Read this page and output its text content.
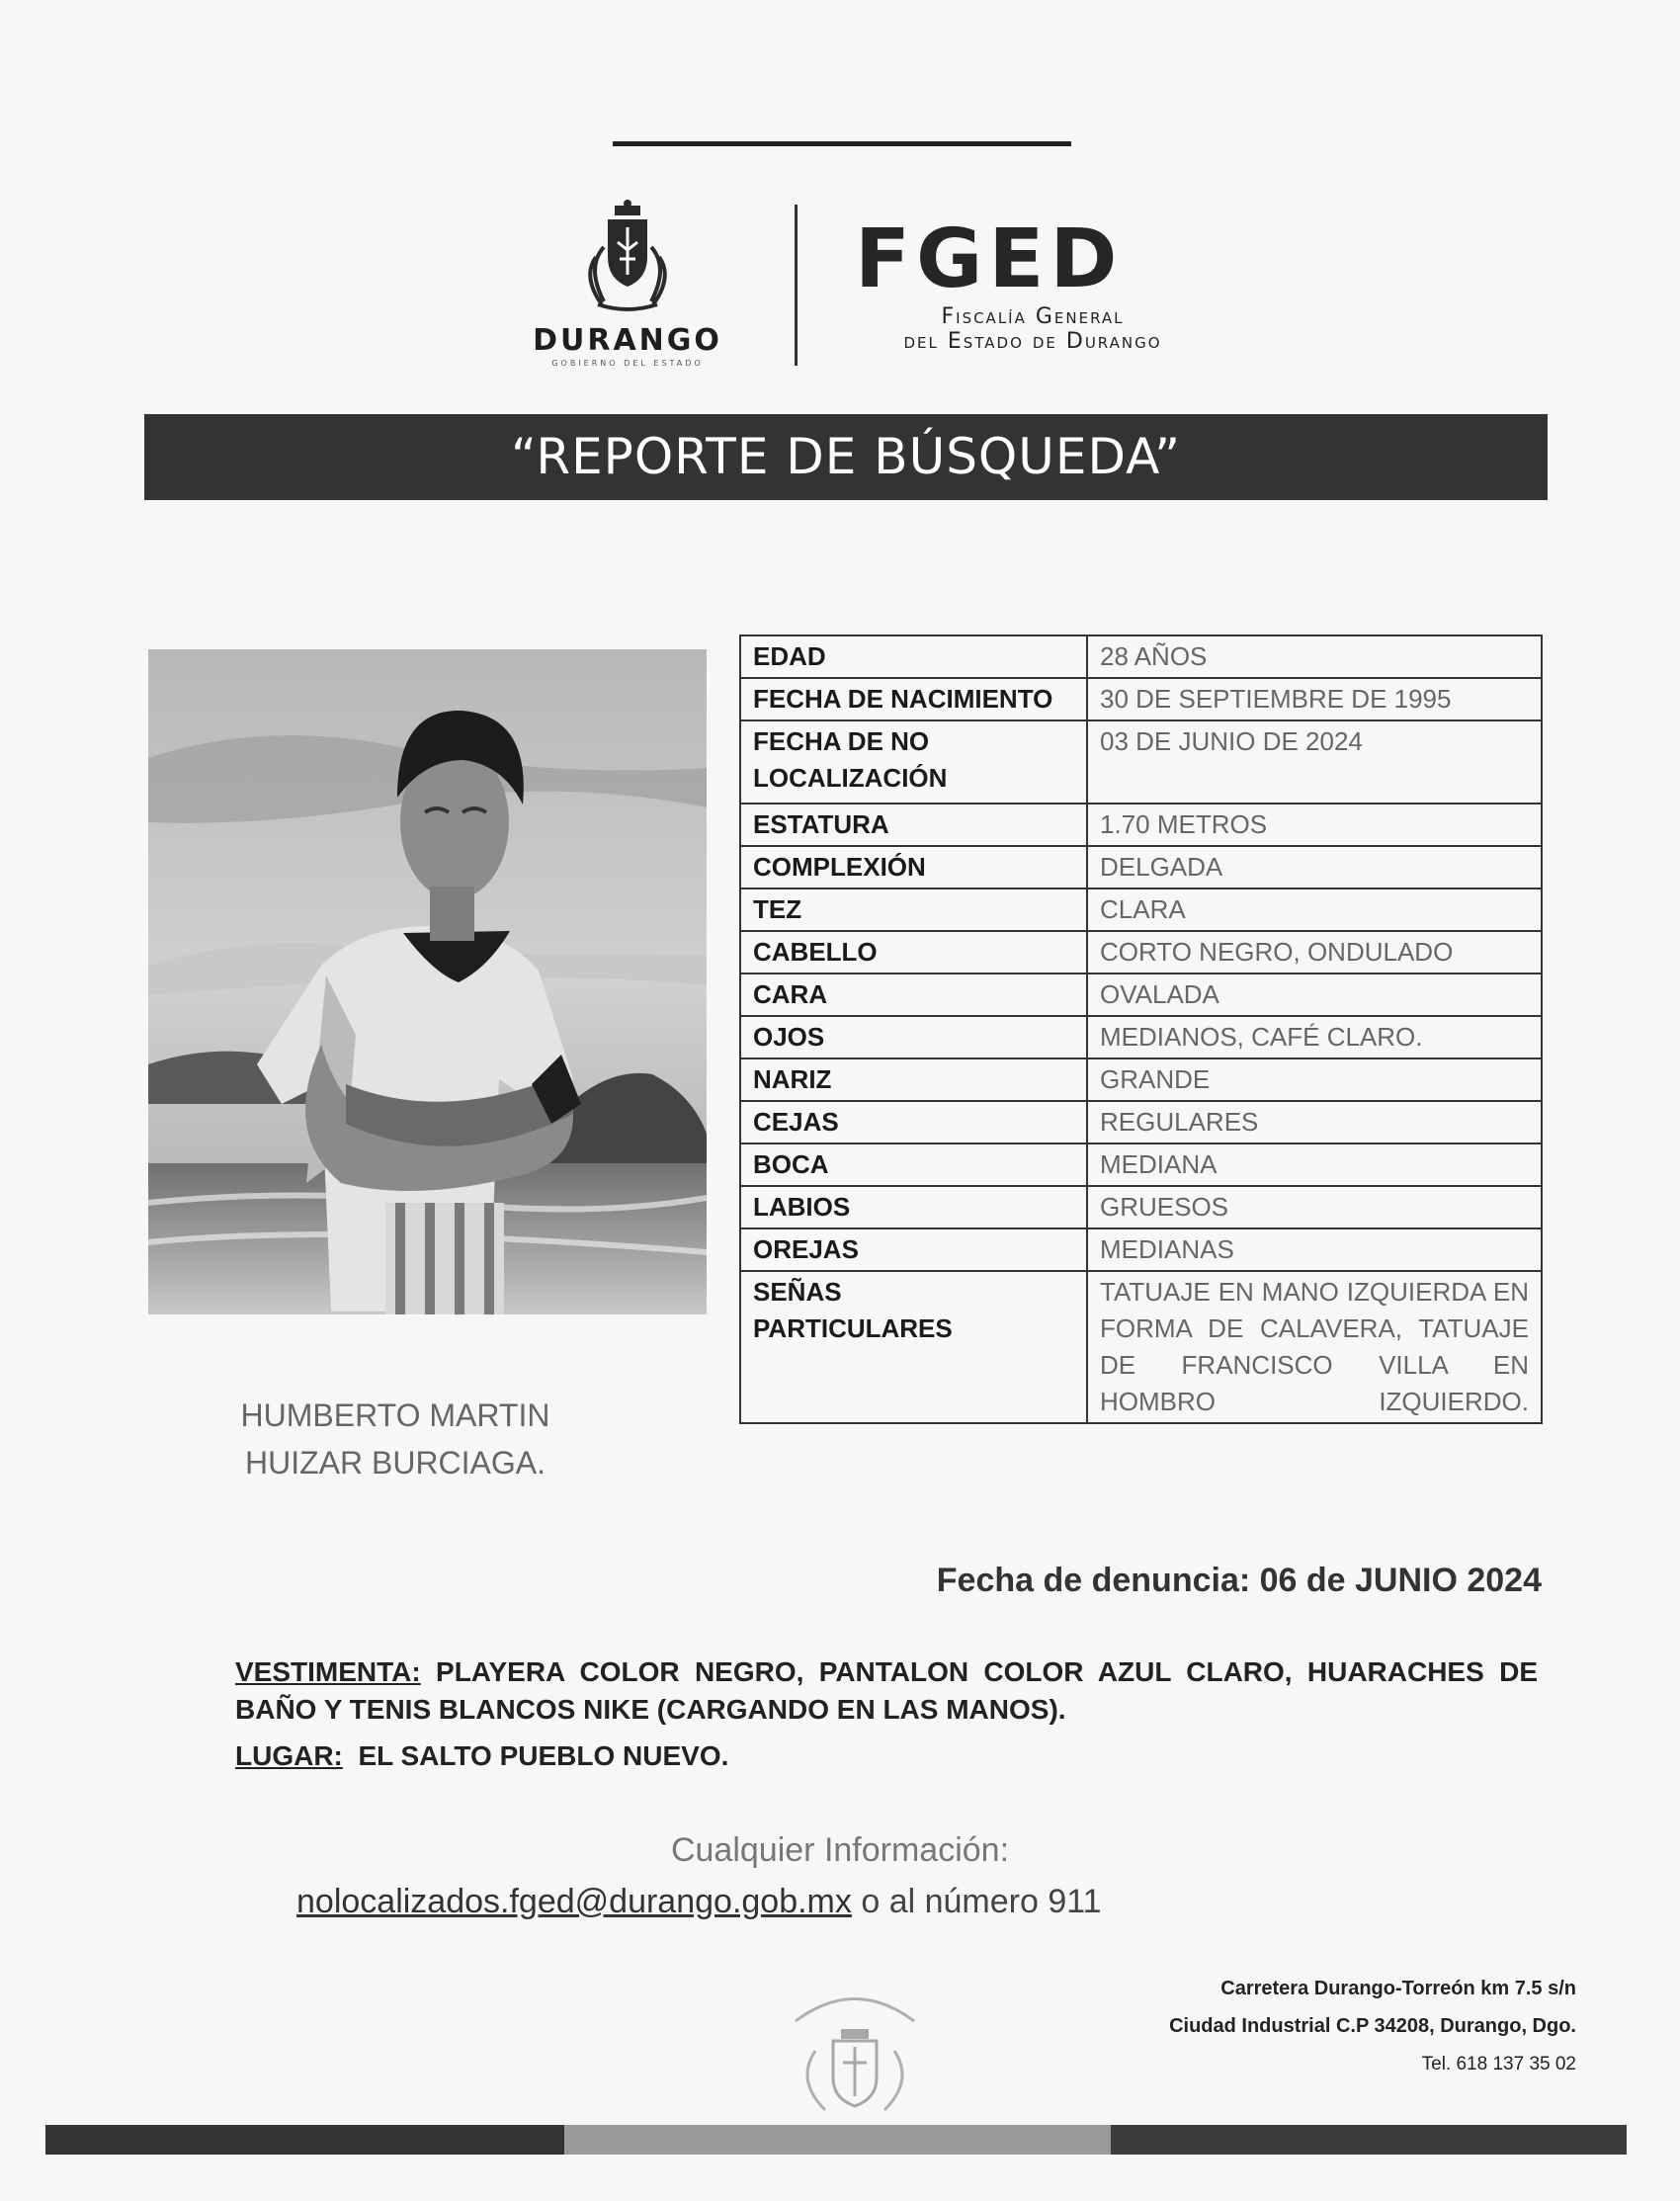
DURANGO
GOBIERNO DEL ESTADO
FGED
Fiscalía General
del Estado de Durango
“REPORTE DE BÚSQUEDA”
HUMBERTO MARTIN
HUIZAR BURCIAGA.
EDAD	28 AÑOS
FECHA DE NACIMIENTO	30 DE SEPTIEMBRE DE 1995
FECHA DE NO LOCALIZACIÓN	03 DE JUNIO DE 2024
ESTATURA	1.70 METROS
COMPLEXIÓN	DELGADA
TEZ	CLARA
CABELLO	CORTO NEGRO, ONDULADO
CARA	OVALADA
OJOS	MEDIANOS, CAFÉ CLARO.
NARIZ	GRANDE
CEJAS	REGULARES
BOCA	MEDIANA
LABIOS	GRUESOS
OREJAS	MEDIANAS
SEÑAS PARTICULARES	TATUAJE EN MANO IZQUIERDA EN FORMA DE CALAVERA, TATUAJE DE FRANCISCO VILLA EN HOMBRO IZQUIERDO.
Fecha de denuncia: 06 de JUNIO 2024
VESTIMENTA: PLAYERA COLOR NEGRO, PANTALON COLOR AZUL CLARO, HUARACHES DE BAÑO Y TENIS BLANCOS NIKE (CARGANDO EN LAS MANOS).
LUGAR: EL SALTO PUEBLO NUEVO.
Cualquier Información:
nolocalizados.fged@durango.gob.mx o al número 911
Carretera Durango-Torreón km 7.5 s/n
Ciudad Industrial C.P 34208, Durango, Dgo.
Tel. 618 137 35 02
